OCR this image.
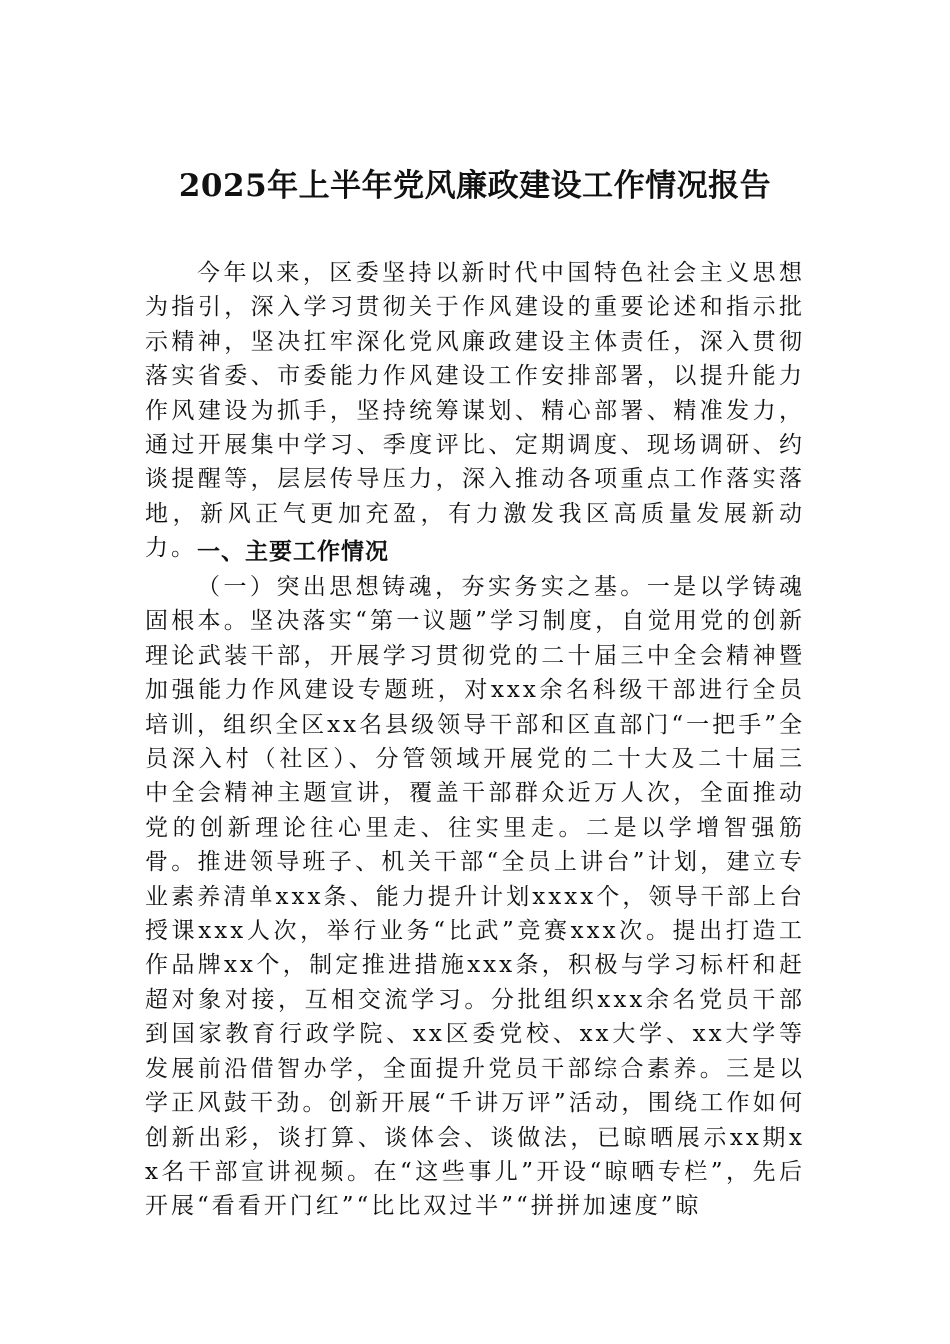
2025年上半年党风廉政建设工作情况报告

今年以来，区委坚持以新时代中国特色社会主义思想为指引，深入学习贯彻关于作风建设的重要论述和指示批示精神，坚决扛牢深化党风廉政建设主体责任，深入贯彻落实省委、市委能力作风建设工作安排部署，以提升能力作风建设为抓手，坚持统筹谋划、精心部署、精准发力，通过开展集中学习、季度评比、定期调度、现场调研、约谈提醒等，层层传导压力，深入推动各项重点工作落实落地，新风正气更加充盈，有力激发我区高质量发展新动力。 一、主要工作情况

（一）突出思想铸魂，夯实务实之基。一是以学铸魂固根本。坚决落实“第一议题”学习制度，自觉用党的创新理论武装干部，开展学习贯彻党的二十届三中全会精神暨加强能力作风建设专题班，对xxx余名科级干部进行全员培训，组织全区xx名县级领导干部和区直部门“一把手”全员深入村（社区）、分管领域开展党的二十大及二十届三中全会精神主题宣讲，覆盖干部群众近万人次，全面推动党的创新理论往心里走、往实里走。二是以学增智强筋骨。推进领导班子、机关干部“全员上讲台”计划，建立专业素养清单xxx条、能力提升计划xxxx个，领导干部上台授课xxx人次，举行业务“比武”竞赛xxx次。提出打造工作品牌xx个，制定推进措施xxx条，积极与学习标杆和赶超对象对接，互相交流学习。分批组织xxx余名党员干部到国家教育行政学院、xx区委党校、xx大学、xx大学等发展前沿借智办学，全面提升党员干部综合素养。三是以学正风鼓干劲。创新开展“千讲万评”活动，围绕工作如何创新出彩，谈打算、谈体会、谈做法，已晾晒展示xx期xx名干部宣讲视频。在“这些事儿”开设“晾晒专栏”，先后开展“看看开门红”“比比双过半”“拼拼加速度”晾
